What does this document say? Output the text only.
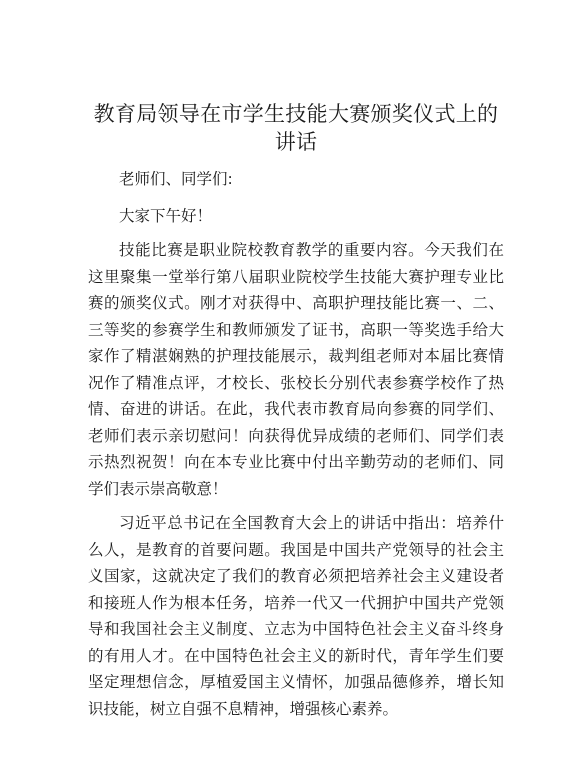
教育局领导在市学生技能大赛颁奖仪式上的讲话

老师们、同学们:

大家下午好！

技能比赛是职业院校教育教学的重要内容。今天我们在这里聚集一堂举行第八届职业院校学生技能大赛护理专业比赛的颁奖仪式。刚才对获得中、高职护理技能比赛一、二、三等奖的参赛学生和教师颁发了证书，高职一等奖选手给大家作了精湛娴熟的护理技能展示，裁判组老师对本届比赛情况作了精准点评，才校长、张校长分别代表参赛学校作了热情、奋进的讲话。在此，我代表市教育局向参赛的同学们、老师们表示亲切慰问！向获得优异成绩的老师们、同学们表示热烈祝贺！向在本专业比赛中付出辛勤劳动的老师们、同学们表示崇高敬意！

习近平总书记在全国教育大会上的讲话中指出：培养什么人，是教育的首要问题。我国是中国共产党领导的社会主义国家，这就决定了我们的教育必须把培养社会主义建设者和接班人作为根本任务，培养一代又一代拥护中国共产党领导和我国社会主义制度、立志为中国特色社会主义奋斗终身的有用人才。在中国特色社会主义的新时代，青年学生们要坚定理想信念，厚植爱国主义情怀，加强品德修养，增长知识技能，树立自强不息精神，增强核心素养。
